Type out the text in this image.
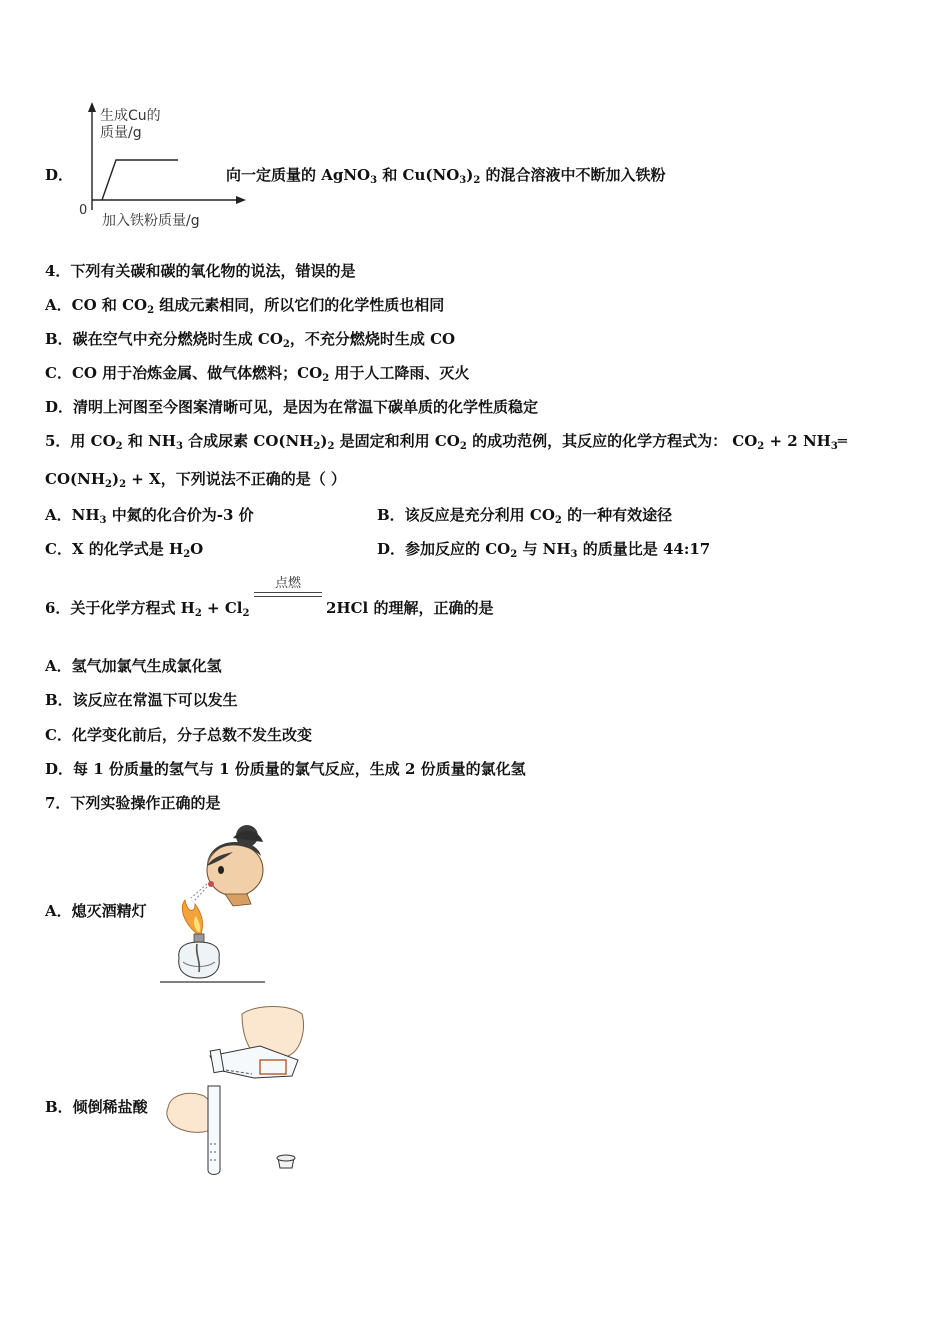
D．
生成Cu的
质量/g
0
加入铁粉质量/g
向一定质量的 AgNO$_3$ 和 $Cu(NO_3)_2$ 的混合溶液中不断加入铁粉
4．下列有关碳和碳的氧化物的说法，错误的是
A．CO 和 $CO_2$ 组成元素相同，所以它们的化学性质也相同
B．碳在空气中充分燃烧时生成 $CO_2$，不充分燃烧时生成 CO
C．CO 用于冶炼金属、做气体燃料；$CO_2$ 用于人工降雨、灭火
D．清明上河图至今图案清晰可见，是因为在常温下碳单质的化学性质稳定
5．用 $CO_2$ 和 $NH_3$ 合成尿素 $CO(NH_2)_2$ 是固定和利用 $CO_2$ 的成功范例，其反应的化学方程式为： $CO_2 + 2$ $NH_3═$
$CO(NH_2)_2 + X$，下列说法不正确的是（ ）
A．$NH_3$ 中氮的化合价为-3 价	B．该反应是充分利用 $CO_2$ 的一种有效途径
C．X 的化学式是 $H_2O$	D．参加反应的 $CO_2$ 与 $NH_3$ 的质量比是 44:17
6．关于化学方程式 $H_2 + Cl_2$
点燃
2HCl 的理解，正确的是
A．氢气加氯气生成氯化氢
B．该反应在常温下可以发生
C．化学变化前后，分子总数不发生改变
D．每 1 份质量的氢气与 1 份质量的氯气反应，生成 2 份质量的氯化氢
7．下列实验操作正确的是
A．熄灭酒精灯
B．倾倒稀盐酸
